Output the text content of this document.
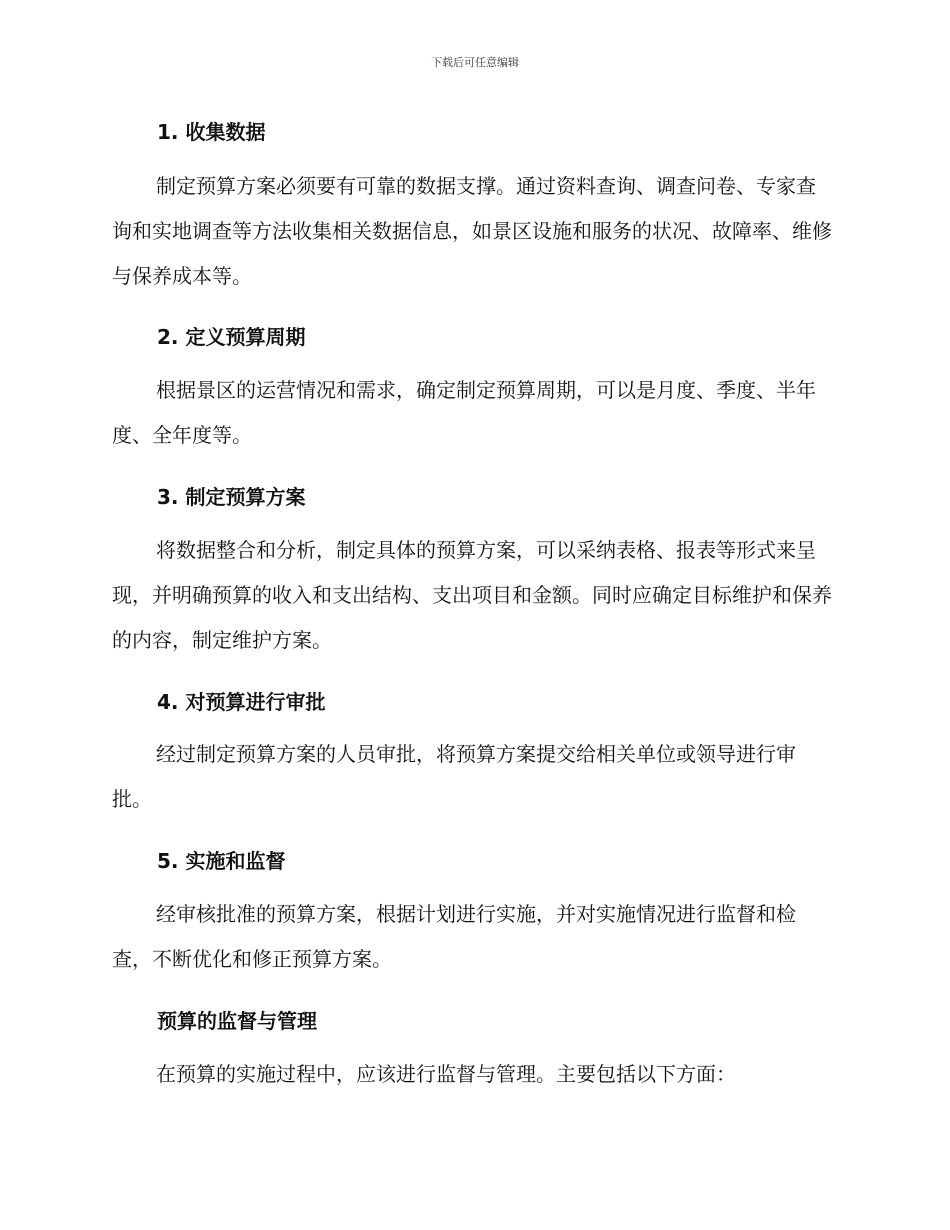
下载后可任意编辑
1. 收集数据

制定预算方案必须要有可靠的数据支撑。通过资料查询、调查问卷、专家查询和实地调查等方法收集相关数据信息，如景区设施和服务的状况、故障率、维修与保养成本等。

2. 定义预算周期

根据景区的运营情况和需求，确定制定预算周期，可以是月度、季度、半年度、全年度等。

3. 制定预算方案

将数据整合和分析，制定具体的预算方案，可以采纳表格、报表等形式来呈现，并明确预算的收入和支出结构、支出项目和金额。同时应确定目标维护和保养的内容，制定维护方案。

4. 对预算进行审批

经过制定预算方案的人员审批，将预算方案提交给相关单位或领导进行审批。

5. 实施和监督

经审核批准的预算方案，根据计划进行实施，并对实施情况进行监督和检查，不断优化和修正预算方案。

预算的监督与管理

在预算的实施过程中，应该进行监督与管理。主要包括以下方面：
